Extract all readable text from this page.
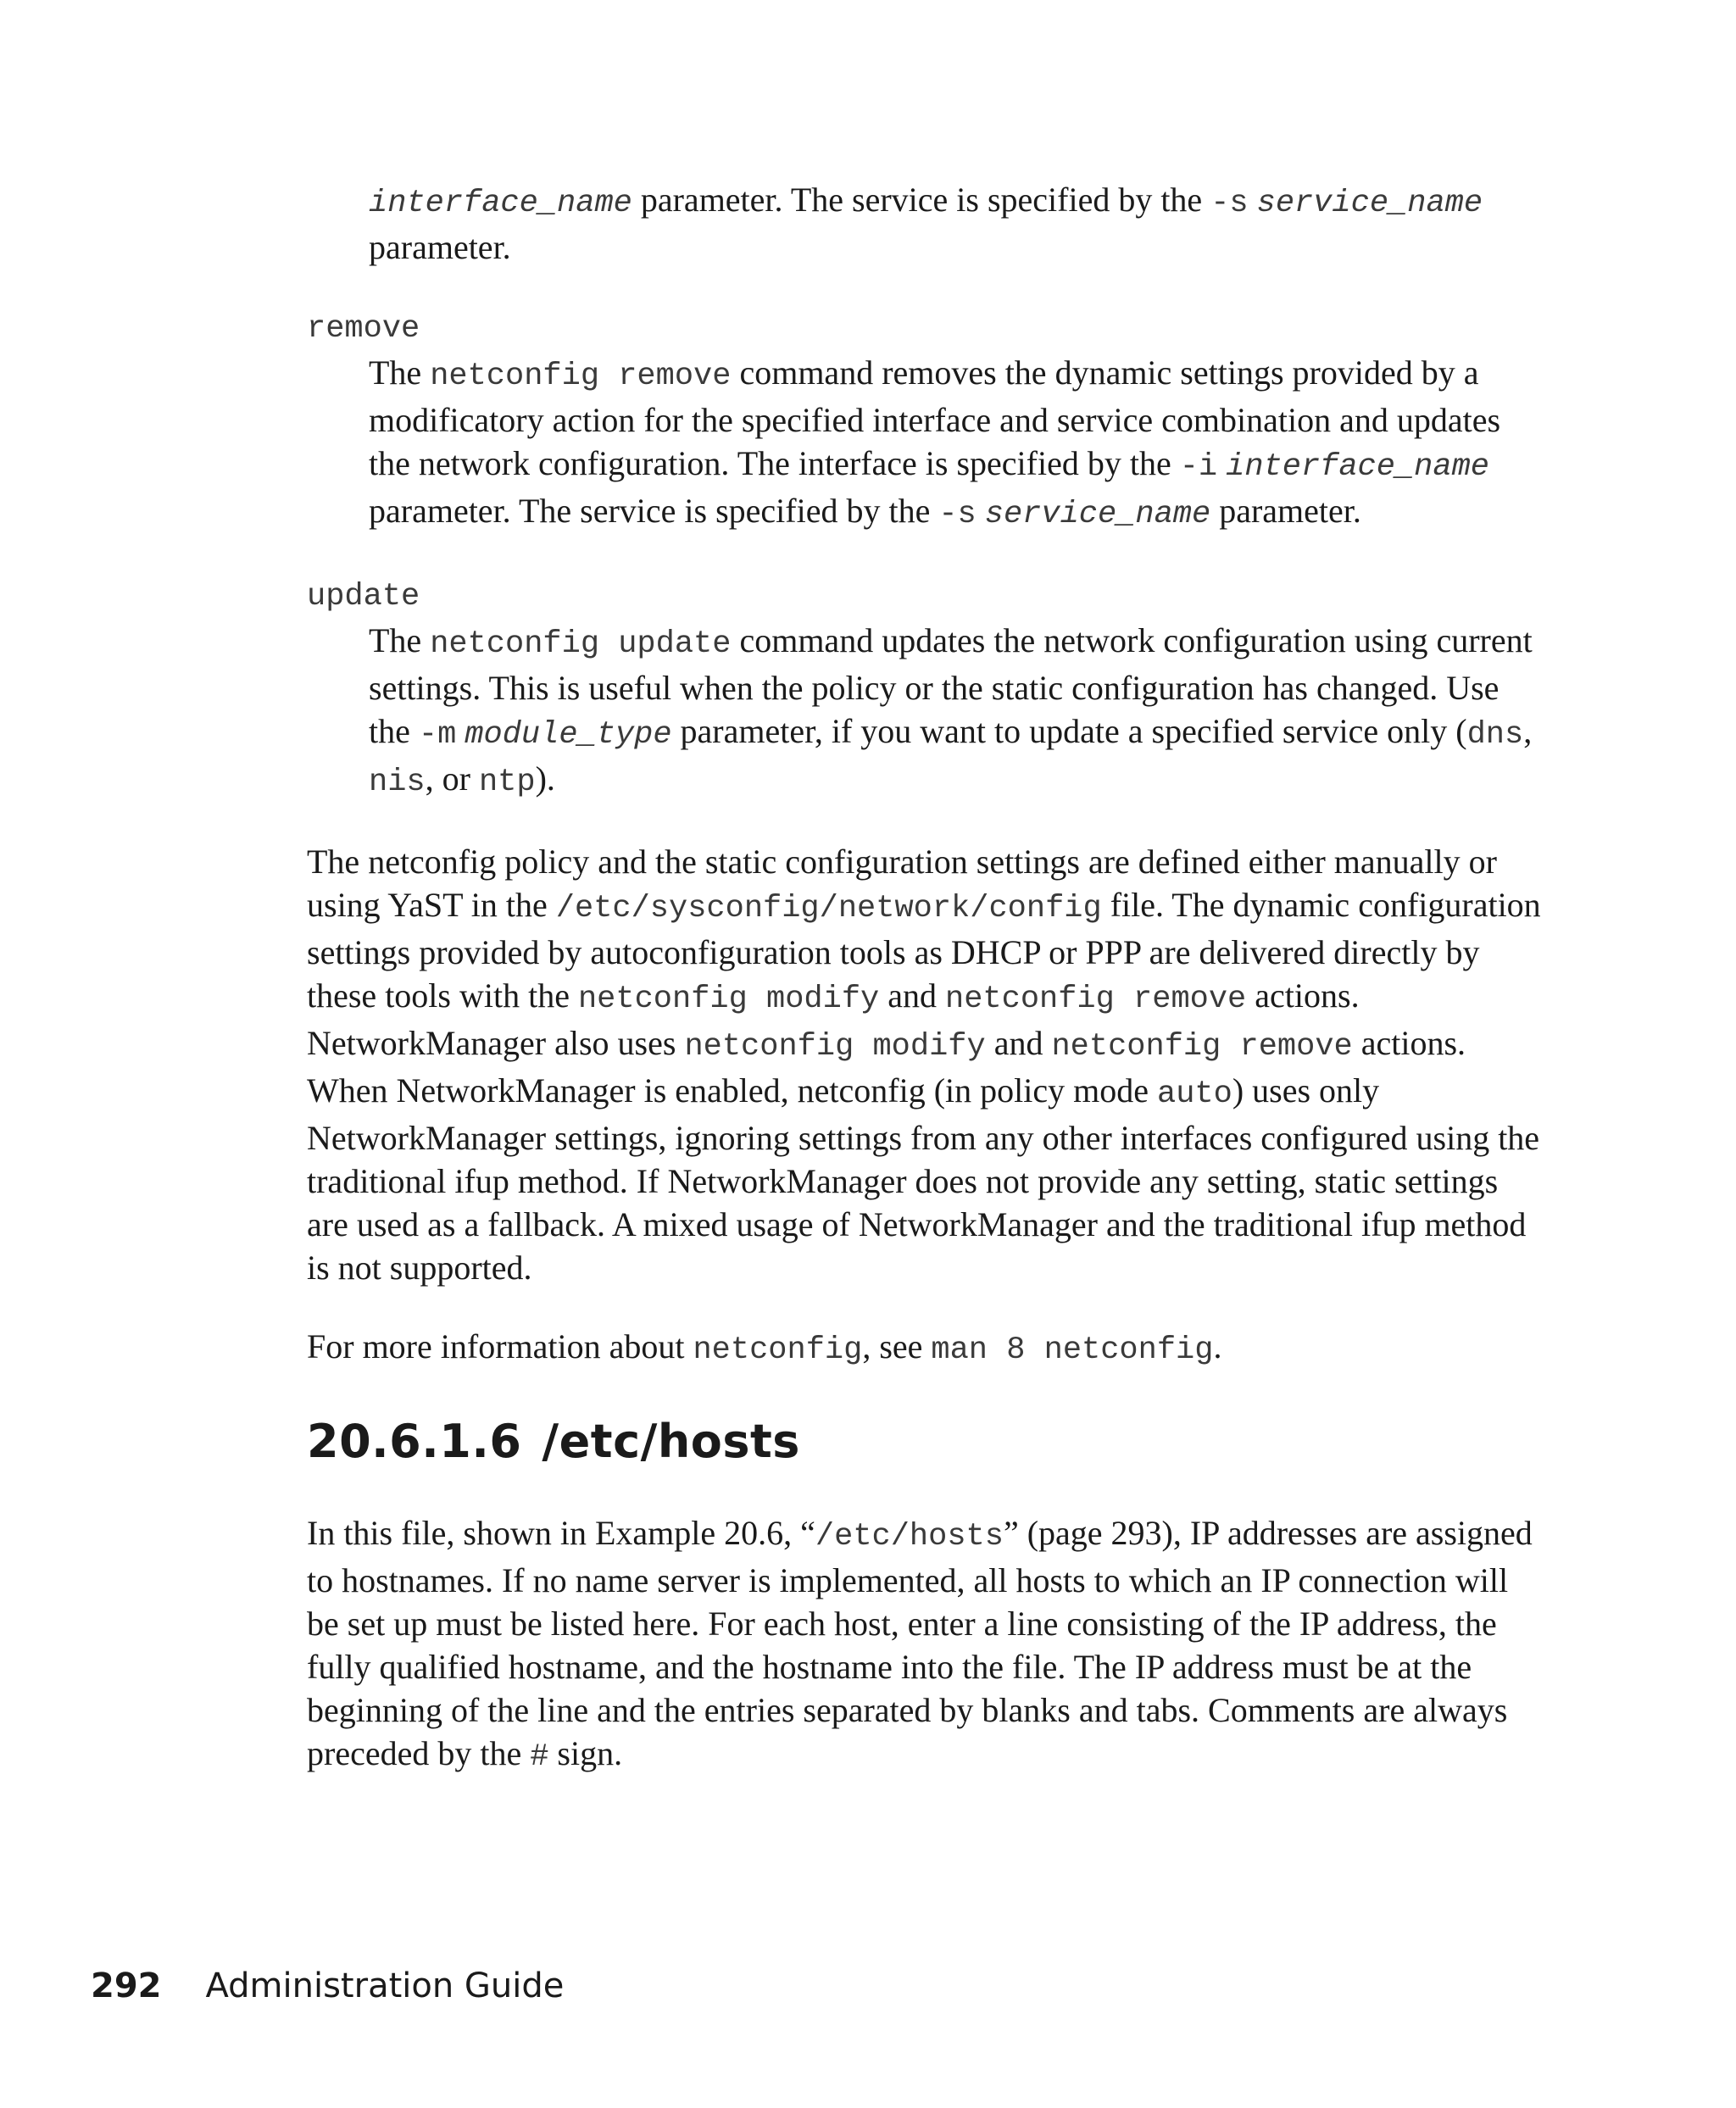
interface_name parameter. The service is specified by the -s service_name parameter.

remove

The netconfig remove command removes the dynamic settings provided by a modificatory action for the specified interface and service combination and updates the network configuration. The interface is specified by the -i interface_name parameter. The service is specified by the -s service_name parameter.

update

The netconfig update command updates the network configuration using current settings. This is useful when the policy or the static configuration has changed. Use the -m module_type parameter, if you want to update a specified service only (dns, nis, or ntp).

The netconfig policy and the static configuration settings are defined either manually or using YaST in the /etc/sysconfig/network/config file. The dynamic configuration settings provided by autoconfiguration tools as DHCP or PPP are delivered directly by these tools with the netconfig modify and netconfig remove actions. NetworkManager also uses netconfig modify and netconfig remove actions. When NetworkManager is enabled, netconfig (in policy mode auto) uses only NetworkManager settings, ignoring settings from any other interfaces configured using the traditional ifup method. If NetworkManager does not provide any setting, static settings are used as a fallback. A mixed usage of NetworkManager and the traditional ifup method is not supported.

For more information about netconfig, see man 8 netconfig.

20.6.1.6 /etc/hosts

In this file, shown in Example 20.6, “/etc/hosts” (page 293), IP addresses are assigned to hostnames. If no name server is implemented, all hosts to which an IP connection will be set up must be listed here. For each host, enter a line consisting of the IP address, the fully qualified hostname, and the hostname into the file. The IP address must be at the beginning of the line and the entries separated by blanks and tabs. Comments are always preceded by the # sign.

292 Administration Guide
